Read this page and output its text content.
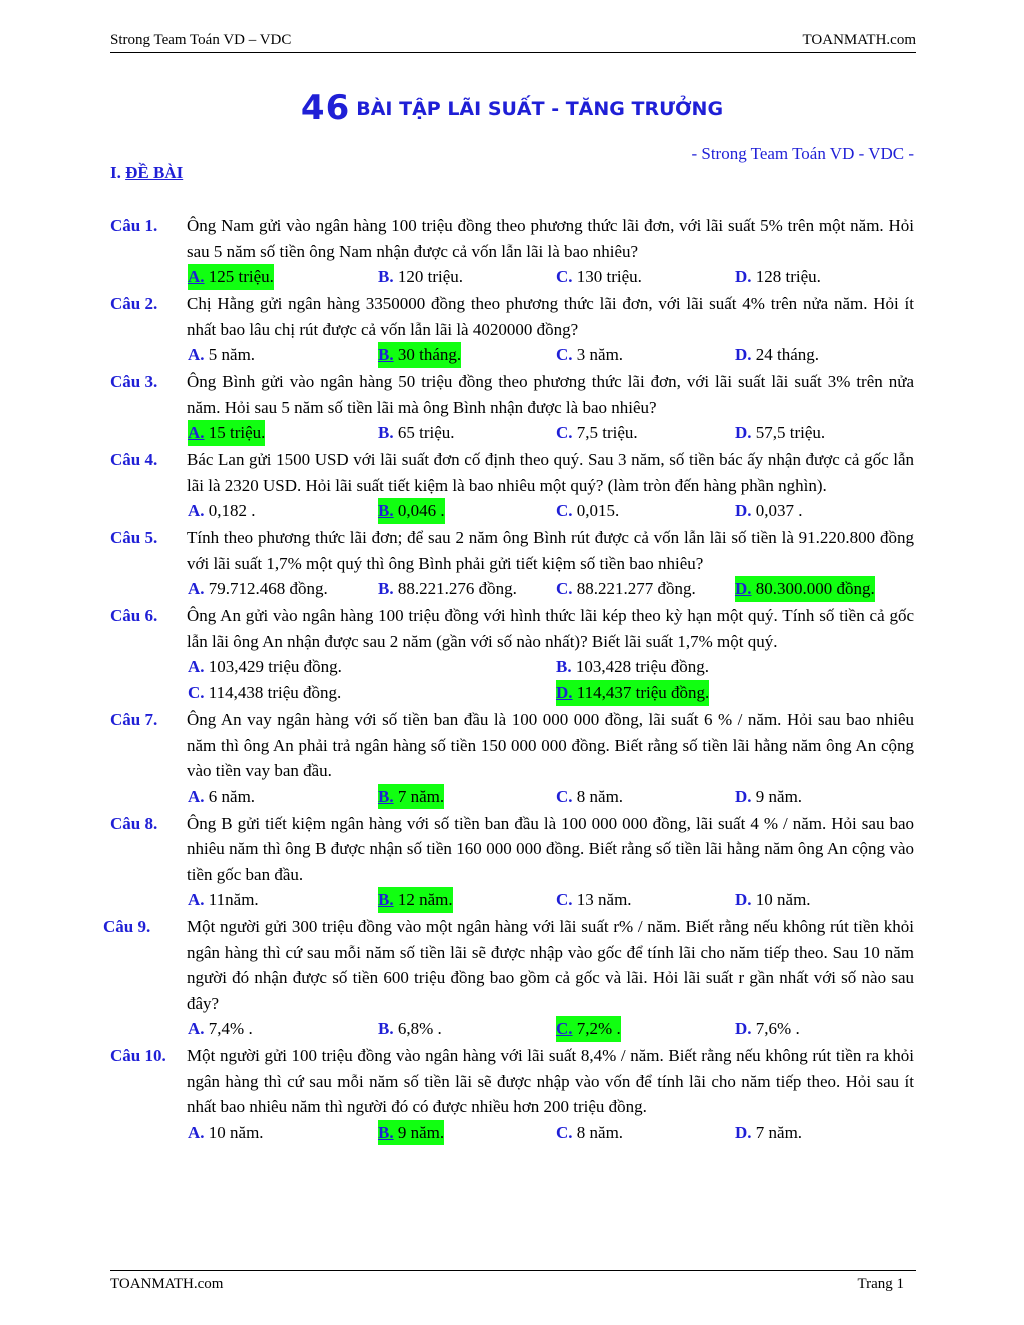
Strong Team Toán VD – VDC	TOANMATH.com
46 BÀI TẬP LÃI SUẤT - TĂNG TRƯỞNG
- Strong Team Toán VD - VDC -
I. ĐỀ BÀI
Câu 1. Ông Nam gửi vào ngân hàng 100 triệu đồng theo phương thức lãi đơn, với lãi suất 5% trên một năm. Hỏi sau 5 năm số tiền ông Nam nhận được cả vốn lẫn lãi là bao nhiêu?
A. 125 triệu.	B. 120 triệu.	C. 130 triệu.	D. 128 triệu.
Câu 2. Chị Hằng gửi ngân hàng 3350000 đồng theo phương thức lãi đơn, với lãi suất 4% trên nửa năm. Hỏi ít nhất bao lâu chị rút được cả vốn lẫn lãi là 4020000 đồng?
A. 5 năm.	B. 30 tháng.	C. 3 năm.	D. 24 tháng.
Câu 3. Ông Bình gửi vào ngân hàng 50 triệu đồng theo phương thức lãi đơn, với lãi suất lãi suất 3% trên nửa năm. Hỏi sau 5 năm số tiền lãi mà ông Bình nhận được là bao nhiêu?
A. 15 triệu.	B. 65 triệu.	C. 7,5 triệu.	D. 57,5 triệu.
Câu 4. Bác Lan gửi 1500 USD với lãi suất đơn cố định theo quý. Sau 3 năm, số tiền bác ấy nhận được cả gốc lẫn lãi là 2320 USD. Hỏi lãi suất tiết kiệm là bao nhiêu một quý? (làm tròn đến hàng phần nghìn).
A. 0,182 .	B. 0,046 .	C. 0,015.	D. 0,037 .
Câu 5. Tính theo phương thức lãi đơn; để sau 2 năm ông Bình rút được cả vốn lẫn lãi số tiền là 91.220.800 đồng với lãi suất 1,7% một quý thì ông Bình phải gửi tiết kiệm số tiền bao nhiêu?
A. 79.712.468 đồng.	B. 88.221.276 đồng. C. 88.221.277 đồng. D. 80.300.000 đồng.
Câu 6. Ông An gửi vào ngân hàng 100 triệu đồng với hình thức lãi kép theo kỳ hạn một quý. Tính số tiền cả gốc lẫn lãi ông An nhận được sau 2 năm (gần với số nào nhất)? Biết lãi suất 1,7% một quý.
A. 103,429 triệu đồng.	B. 103,428 triệu đồng.
C. 114,438 triệu đồng.	D. 114,437 triệu đồng.
Câu 7. Ông An vay ngân hàng với số tiền ban đầu là 100 000 000 đồng, lãi suất 6 % / năm. Hỏi sau bao nhiêu năm thì ông An phải trả ngân hàng số tiền 150 000 000 đồng. Biết rằng số tiền lãi hằng năm ông An cộng vào tiền vay ban đầu.
A. 6 năm.	B. 7 năm.	C. 8 năm.	D. 9 năm.
Câu 8. Ông B gửi tiết kiệm ngân hàng với số tiền ban đầu là 100 000 000 đồng, lãi suất 4 % / năm. Hỏi sau bao nhiêu năm thì ông B được nhận số tiền 160 000 000 đồng. Biết rằng số tiền lãi hằng năm ông An cộng vào tiền gốc ban đầu.
A. 11năm.	B. 12 năm.	C. 13 năm.	D. 10 năm.
Câu 9. Một người gửi 300 triệu đồng vào một ngân hàng với lãi suất r% / năm. Biết rằng nếu không rút tiền khỏi ngân hàng thì cứ sau mỗi năm số tiền lãi sẽ được nhập vào gốc để tính lãi cho năm tiếp theo. Sau 10 năm người đó nhận được số tiền 600 triệu đồng bao gồm cả gốc và lãi. Hỏi lãi suất r gần nhất với số nào sau đây?
A. 7,4% .	B. 6,8% .	C. 7,2% .	D. 7,6% .
Câu 10. Một người gửi 100 triệu đồng vào ngân hàng với lãi suất 8,4% / năm. Biết rằng nếu không rút tiền ra khỏi ngân hàng thì cứ sau mỗi năm số tiền lãi sẽ được nhập vào vốn để tính lãi cho năm tiếp theo. Hỏi sau ít nhất bao nhiêu năm thì người đó có được nhiều hơn 200 triệu đồng.
A. 10 năm.	B. 9 năm.	C. 8 năm.	D. 7 năm.
TOANMATH.com	Trang 1
